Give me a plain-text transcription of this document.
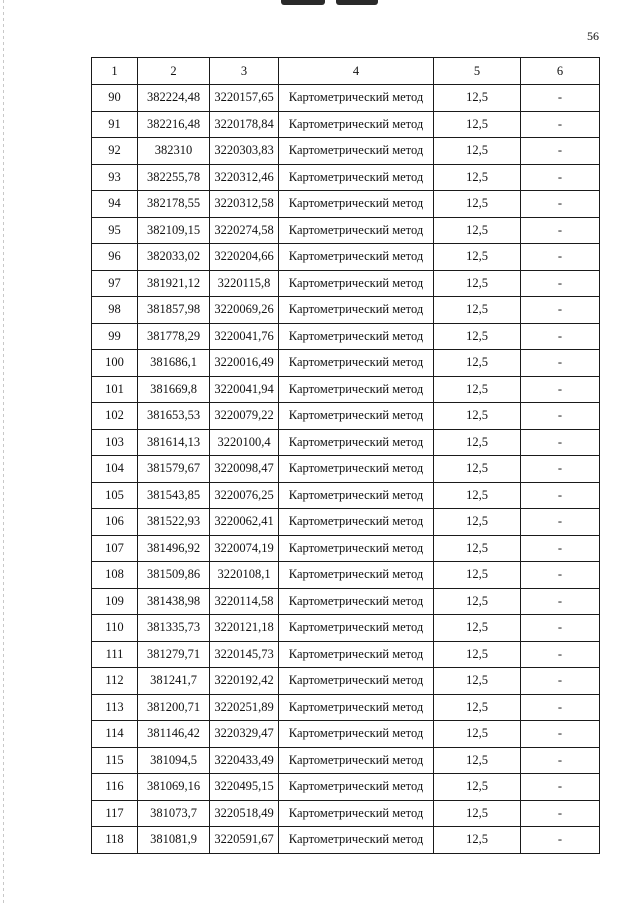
56
1	2	3	4	5	6
90	382224,48	3220157,65	Картометрический метод	12,5	-
91	382216,48	3220178,84	Картометрический метод	12,5	-
92	382310	3220303,83	Картометрический метод	12,5	-
93	382255,78	3220312,46	Картометрический метод	12,5	-
94	382178,55	3220312,58	Картометрический метод	12,5	-
95	382109,15	3220274,58	Картометрический метод	12,5	-
96	382033,02	3220204,66	Картометрический метод	12,5	-
97	381921,12	3220115,8	Картометрический метод	12,5	-
98	381857,98	3220069,26	Картометрический метод	12,5	-
99	381778,29	3220041,76	Картометрический метод	12,5	-
100	381686,1	3220016,49	Картометрический метод	12,5	-
101	381669,8	3220041,94	Картометрический метод	12,5	-
102	381653,53	3220079,22	Картометрический метод	12,5	-
103	381614,13	3220100,4	Картометрический метод	12,5	-
104	381579,67	3220098,47	Картометрический метод	12,5	-
105	381543,85	3220076,25	Картометрический метод	12,5	-
106	381522,93	3220062,41	Картометрический метод	12,5	-
107	381496,92	3220074,19	Картометрический метод	12,5	-
108	381509,86	3220108,1	Картометрический метод	12,5	-
109	381438,98	3220114,58	Картометрический метод	12,5	-
110	381335,73	3220121,18	Картометрический метод	12,5	-
111	381279,71	3220145,73	Картометрический метод	12,5	-
112	381241,7	3220192,42	Картометрический метод	12,5	-
113	381200,71	3220251,89	Картометрический метод	12,5	-
114	381146,42	3220329,47	Картометрический метод	12,5	-
115	381094,5	3220433,49	Картометрический метод	12,5	-
116	381069,16	3220495,15	Картометрический метод	12,5	-
117	381073,7	3220518,49	Картометрический метод	12,5	-
118	381081,9	3220591,67	Картометрический метод	12,5	-
